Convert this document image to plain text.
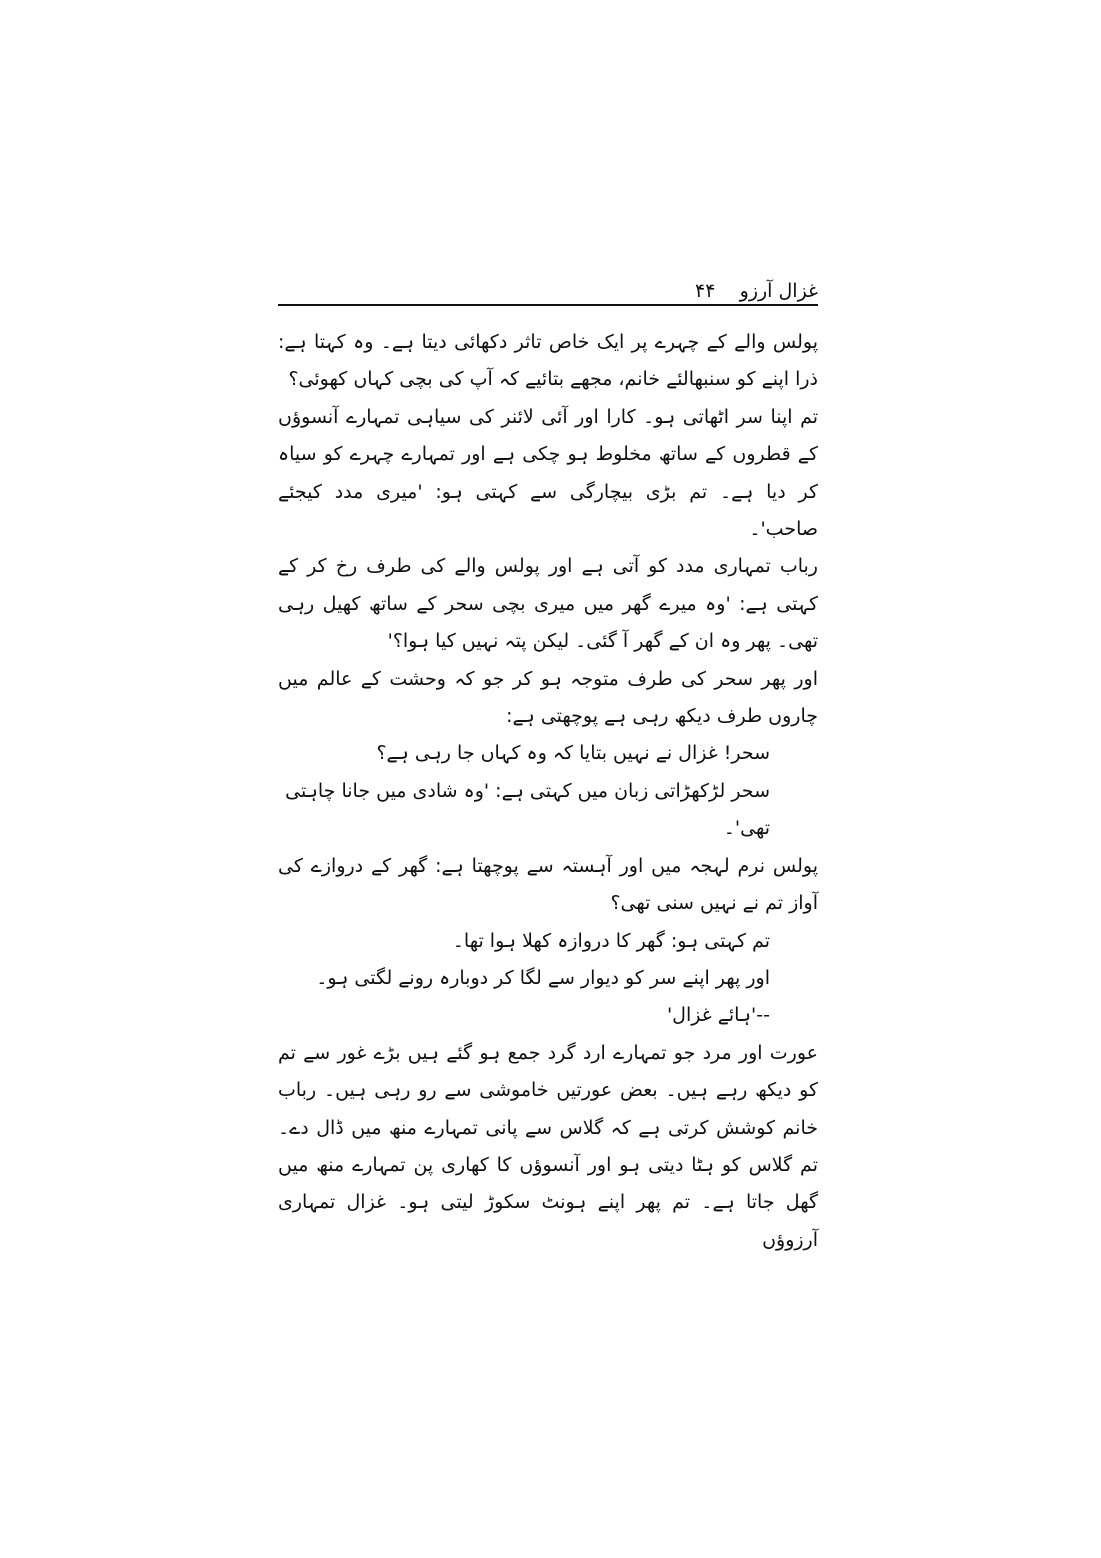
غزال آرزو    ۴۴

پولس والے کے چہرے پر ایک خاص تاثر دکھائی دیتا ہے۔ وہ کہتا ہے: ذرا اپنے کو سنبھالئے خانم، مجھے بتائیے کہ آپ کی بچی کہاں کھوئی؟

تم اپنا سر اٹھاتی ہو۔ کارا اور آئی لائنر کی سیاہی تمہارے آنسوؤں کے قطروں کے ساتھ مخلوط ہو چکی ہے اور تمہارے چہرے کو سیاہ کر دیا ہے۔ تم بڑی بیچارگی سے کہتی ہو: 'میری مدد کیجئے صاحب'۔

رباب تمہاری مدد کو آتی ہے اور پولس والے کی طرف رخ کر کے کہتی ہے: 'وہ میرے گھر میں میری بچی سحر کے ساتھ کھیل رہی تھی۔ پھر وہ ان کے گھر آ گئی۔ لیکن پتہ نہیں کیا ہوا؟'

اور پھر سحر کی طرف متوجہ ہو کر جو کہ وحشت کے عالم میں چاروں طرف دیکھ رہی ہے پوچھتی ہے:

سحر! غزال نے نہیں بتایا کہ وہ کہاں جا رہی ہے؟

سحر لڑکھڑاتی زبان میں کہتی ہے: 'وہ شادی میں جانا چاہتی تھی'۔

پولس نرم لہجہ میں اور آہستہ سے پوچھتا ہے: گھر کے دروازے کی آواز تم نے نہیں سنی تھی؟

تم کہتی ہو: گھر کا دروازہ کھلا ہوا تھا۔

اور پھر اپنے سر کو دیوار سے لگا کر دوبارہ رونے لگتی ہو۔

--'ہائے غزال'

عورت اور مرد جو تمہارے ارد گرد جمع ہو گئے ہیں بڑے غور سے تم کو دیکھ رہے ہیں۔ بعض عورتیں خاموشی سے رو رہی ہیں۔ رباب خانم کوشش کرتی ہے کہ گلاس سے پانی تمہارے منھ میں ڈال دے۔ تم گلاس کو ہٹا دیتی ہو اور آنسوؤں کا کھاری پن تمہارے منھ میں گھل جاتا ہے۔ تم پھر اپنے ہونٹ سکوڑ لیتی ہو۔ غزال تمہاری آرزوؤں
